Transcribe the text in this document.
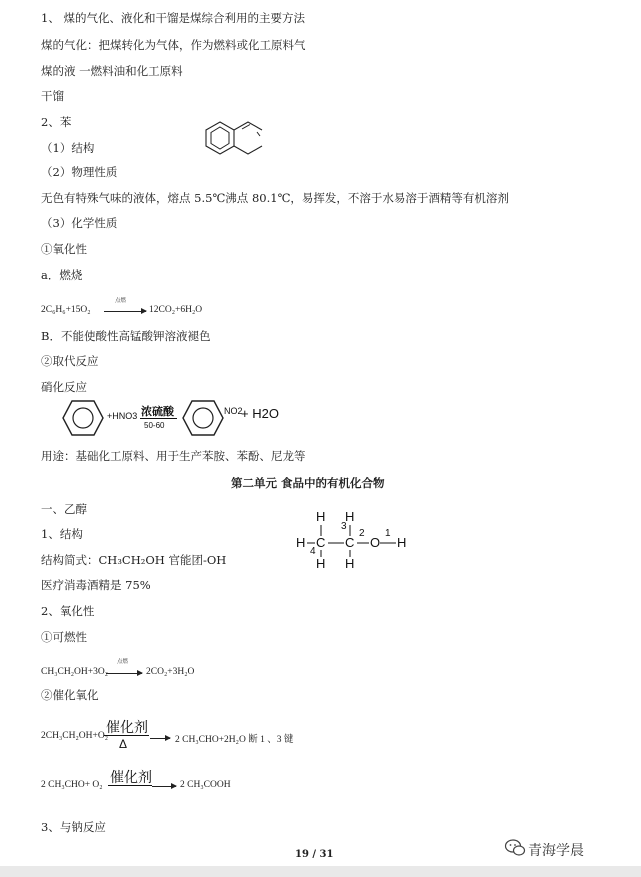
1、 煤的气化、液化和干馏是煤综合利用的主要方法
煤的气化：把煤转化为气体，作为燃料或化工原料气
煤的液 一燃料油和化工原料
干馏
2、苯
（1）结构
（2）物理性质
无色有特殊气味的液体，熔点 5.5℃沸点 80.1℃，易挥发，不溶于水易溶于酒精等有机溶剂
（3）化学性质
①氧化性
a．燃烧
2C₆H₆+15O₂
点燃
→ 12CO₂+6H₂O
B．不能使酸性高锰酸钾溶液褪色
②取代反应
硝化反应
+HNO3 浓硫酸
50-60
NO2
+ H2O
用途：基础化工原料、用于生产苯胺、苯酚、尼龙等
第二单元 食品中的有机化合物
一、乙醇
1、结构
结构简式：CH₃CH₂OH 官能团-OH
医疗消毒酒精是 75%
H H
H C C O H
H H
3
2 1
4
2、氧化性
①可燃性
CH₃CH₂OH+3O₂
点燃
→ 2CO₂+3H₂O
②催化氧化
2CH₃CH₂OH+O₂
催化剂
Δ → 2 CH₃CHO+2H₂O 断 1 、3 键
2 CH₃CHO+ O₂ 催化剂 → 2 CH₃COOH
3、与钠反应
19 / 31	青海学晨
